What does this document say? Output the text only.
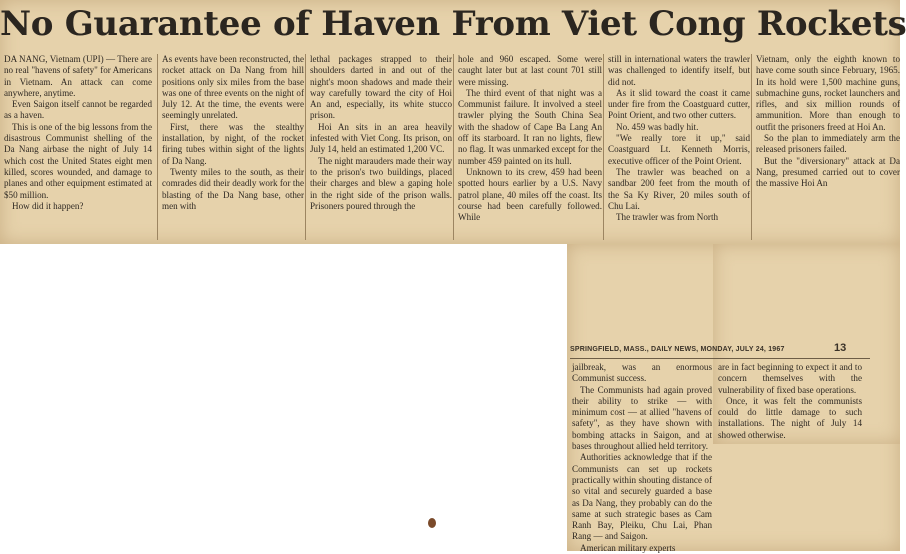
No Guarantee of Haven From Viet Cong Rockets

DA NANG, Vietnam (UPI) — There are no real "havens of safety" for Americans in Vietnam. An attack can come anywhere, anytime.

Even Saigon itself cannot be regarded as a haven.

This is one of the big lessons from the disastrous Communist shelling of the Da Nang airbase the night of July 14 which cost the United States eight men killed, scores wounded, and damage to planes and other equipment estimated at $50 million.

How did it happen?

As events have been reconstructed, the rocket attack on Da Nang from hill positions only six miles from the base was one of three events on the night of July 12. At the time, the events were seemingly unrelated.

First, there was the stealthy installation, by night, of the rocket firing tubes within sight of the lights of Da Nang.

Twenty miles to the south, as their comrades did their deadly work for the blasting of the Da Nang base, other men with

lethal packages strapped to their shoulders darted in and out of the night's moon shadows and made their way carefully toward the city of Hoi An and, especially, its white stucco prison.

Hoi An sits in an area heavily infested with Viet Cong. Its prison, on July 14, held an estimated 1,200 VC.

The night marauders made their way to the prison's two buildings, placed their charges and blew a gaping hole in the right side of the prison walls. Prisoners poured through the

hole and 960 escaped. Some were caught later but at last count 701 still were missing.

The third event of that night was a Communist failure. It involved a steel trawler plying the South China Sea with the shadow of Cape Ba Lang An off its starboard. It ran no lights, flew no flag. It was unmarked except for the number 459 painted on its hull.

Unknown to its crew, 459 had been spotted hours earlier by a U.S. Navy patrol plane, 40 miles off the coast. Its course had been carefully followed. While

still in international waters the trawler was challenged to identify itself, but did not.

As it slid toward the coast it came under fire from the Coastguard cutter, Point Orient, and two other cutters.

No. 459 was badly hit.

"We really tore it up," said Coastguard Lt. Kenneth Morris, executive officer of the Point Orient.

The trawler was beached on a sandbar 200 feet from the mouth of the Sa Ky River, 20 miles south of Chu Lai.

The trawler was from North

Vietnam, only the eighth known to have come south since February, 1965. In its hold were 1,500 machine guns, submachine guns, rocket launchers and rifles, and six million rounds of ammunition. More than enough to outfit the prisoners freed at Hoi An.

So the plan to immediately arm the released prisoners failed.

But the "diversionary" attack at Da Nang, presumed carried out to cover the massive Hoi An

SPRINGFIELD, MASS., DAILY NEWS, MONDAY, JULY 24, 1967	13

jailbreak, was an enormous Communist success.

The Communists had again proved their ability to strike — with minimum cost — at allied "havens of safety", as they have shown with bombing attacks in Saigon, and at bases throughout allied held territory.

Authorities acknowledge that if the Communists can set up rockets practically within shouting distance of so vital and securely guarded a base as Da Nang, they probably can do the same at such strategic bases as Cam Ranh Bay, Pleiku, Chu Lai, Phan Rang — and Saigon.

American military experts

are in fact beginning to expect it and to concern themselves with the vulnerability of fixed base operations.

Once, it was felt the communists could do little damage to such installations. The night of July 14 showed otherwise.
